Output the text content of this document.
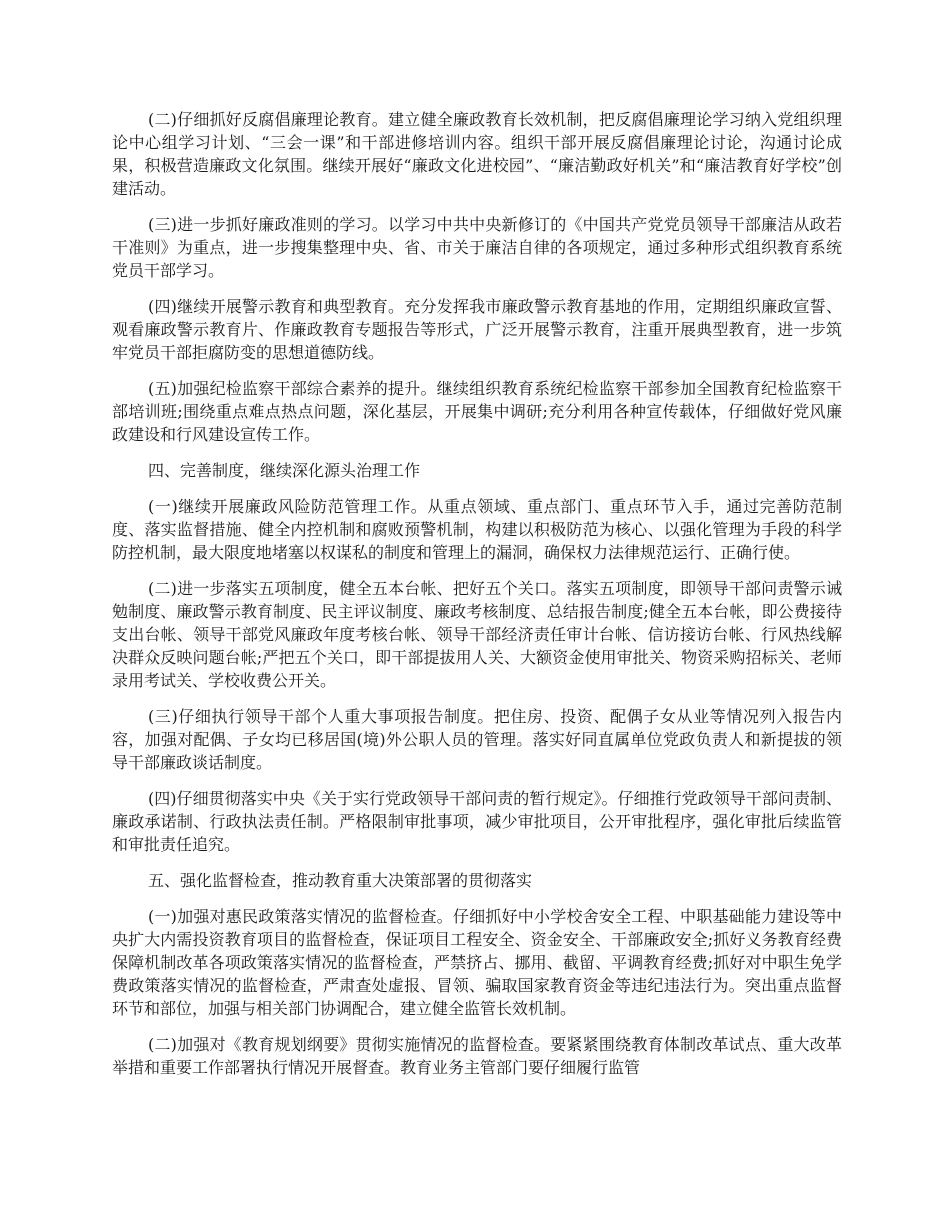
(二)仔细抓好反腐倡廉理论教育。建立健全廉政教育长效机制，把反腐倡廉理论学习纳入党组织理论中心组学习计划、“三会一课”和干部进修培训内容。组织干部开展反腐倡廉理论讨论，沟通讨论成果，积极营造廉政文化氛围。继续开展好“廉政文化进校园”、“廉洁勤政好机关”和“廉洁教育好学校”创建活动。

(三)进一步抓好廉政准则的学习。以学习中共中央新修订的《中国共产党党员领导干部廉洁从政若干准则》为重点，进一步搜集整理中央、省、市关于廉洁自律的各项规定，通过多种形式组织教育系统党员干部学习。

(四)继续开展警示教育和典型教育。充分发挥我市廉政警示教育基地的作用，定期组织廉政宣誓、观看廉政警示教育片、作廉政教育专题报告等形式，广泛开展警示教育，注重开展典型教育，进一步筑牢党员干部拒腐防变的思想道德防线。

(五)加强纪检监察干部综合素养的提升。继续组织教育系统纪检监察干部参加全国教育纪检监察干部培训班;围绕重点难点热点问题，深化基层，开展集中调研;充分利用各种宣传载体，仔细做好党风廉政建设和行风建设宣传工作。

四、完善制度，继续深化源头治理工作

(一)继续开展廉政风险防范管理工作。从重点领域、重点部门、重点环节入手，通过完善防范制度、落实监督措施、健全内控机制和腐败预警机制，构建以积极防范为核心、以强化管理为手段的科学防控机制，最大限度地堵塞以权谋私的制度和管理上的漏洞，确保权力法律规范运行、正确行使。

(二)进一步落实五项制度，健全五本台帐、把好五个关口。落实五项制度，即领导干部问责警示诫勉制度、廉政警示教育制度、民主评议制度、廉政考核制度、总结报告制度;健全五本台帐，即公费接待支出台帐、领导干部党风廉政年度考核台帐、领导干部经济责任审计台帐、信访接访台帐、行风热线解决群众反映问题台帐;严把五个关口，即干部提拔用人关、大额资金使用审批关、物资采购招标关、老师录用考试关、学校收费公开关。

(三)仔细执行领导干部个人重大事项报告制度。把住房、投资、配偶子女从业等情况列入报告内容，加强对配偶、子女均已移居国(境)外公职人员的管理。落实好同直属单位党政负责人和新提拔的领导干部廉政谈话制度。

(四)仔细贯彻落实中央《关于实行党政领导干部问责的暂行规定》。仔细推行党政领导干部问责制、廉政承诺制、行政执法责任制。严格限制审批事项，减少审批项目，公开审批程序，强化审批后续监管和审批责任追究。

五、强化监督检查，推动教育重大决策部署的贯彻落实

(一)加强对惠民政策落实情况的监督检查。仔细抓好中小学校舍安全工程、中职基础能力建设等中央扩大内需投资教育项目的监督检查，保证项目工程安全、资金安全、干部廉政安全;抓好义务教育经费保障机制改革各项政策落实情况的监督检查，严禁挤占、挪用、截留、平调教育经费;抓好对中职生免学费政策落实情况的监督检查，严肃查处虚报、冒领、骗取国家教育资金等违纪违法行为。突出重点监督环节和部位，加强与相关部门协调配合，建立健全监管长效机制。

(二)加强对《教育规划纲要》贯彻实施情况的监督检查。要紧紧围绕教育体制改革试点、重大改革举措和重要工作部署执行情况开展督查。教育业务主管部门要仔细履行监管
